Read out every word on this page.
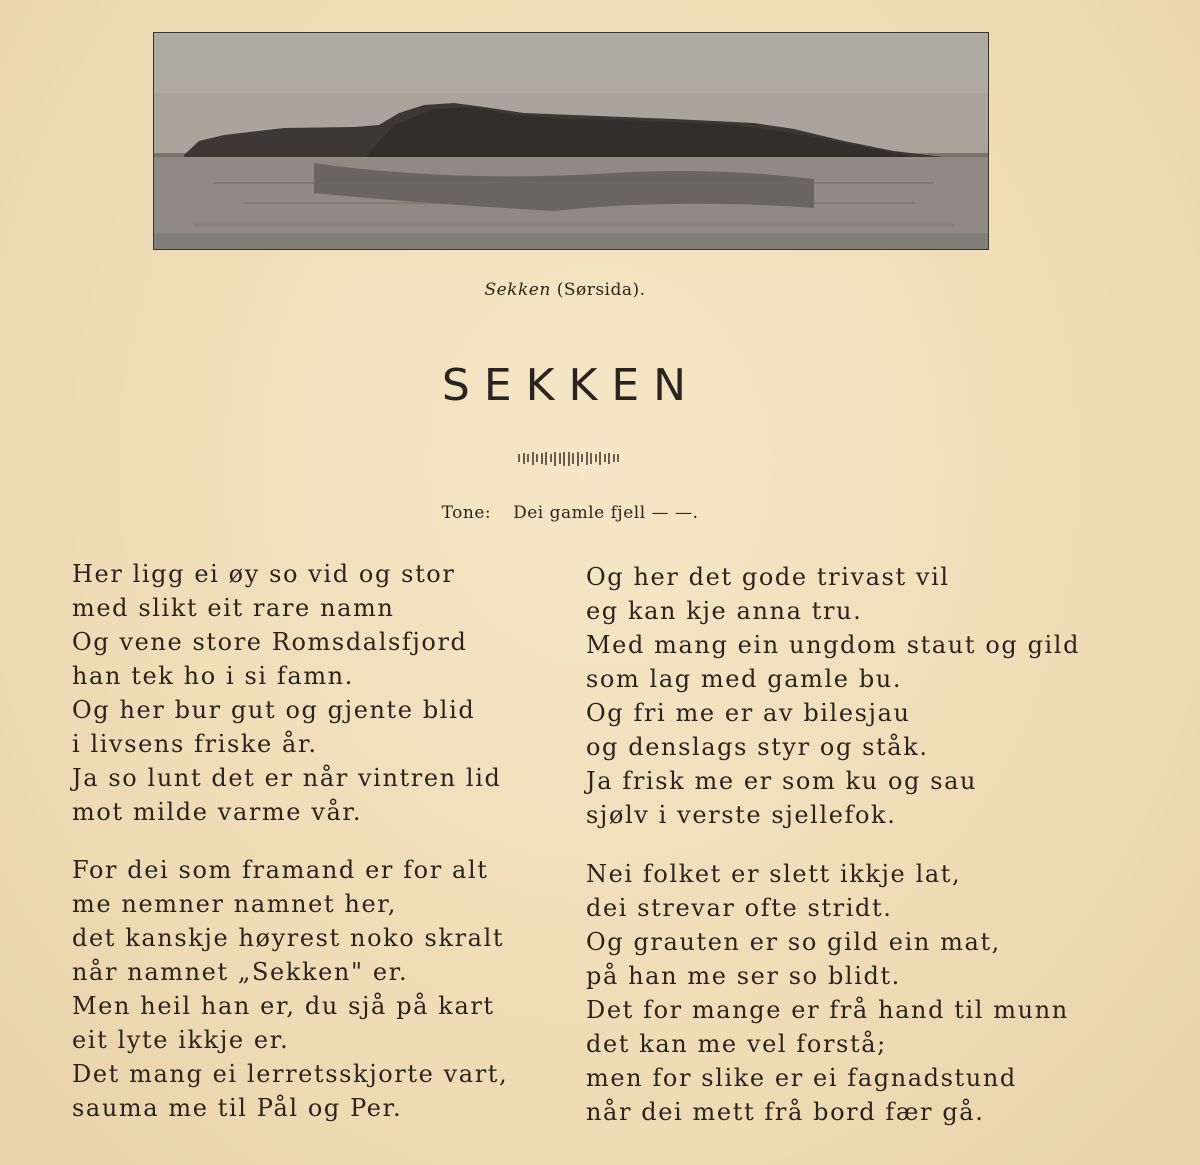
Sekken (Sørsida).
SEKKEN
Tone: Dei gamle fjell — —.
Her ligg ei øy so vid og stor
med slikt eit rare namn
Og vene store Romsdalsfjord
han tek ho i si famn.
Og her bur gut og gjente blid
i livsens friske år.
Ja so lunt det er når vintren lid
mot milde varme vår.
Og her det gode trivast vil
eg kan kje anna tru.
Med mang ein ungdom staut og gild
som lag med gamle bu.
Og fri me er av bilesjau
og denslags styr og ståk.
Ja frisk me er som ku og sau
sjølv i verste sjellefok.
For dei som framand er for alt
me nemner namnet her,
det kanskje høyrest noko skralt
når namnet „Sekken" er.
Men heil han er, du sjå på kart
eit lyte ikkje er.
Det mang ei lerretsskjorte vart,
sauma me til Pål og Per.
Nei folket er slett ikkje lat,
dei strevar ofte stridt.
Og grauten er so gild ein mat,
på han me ser so blidt.
Det for mange er frå hand til munn
det kan me vel forstå;
men for slike er ei fagnadstund
når dei mett frå bord fær gå.
